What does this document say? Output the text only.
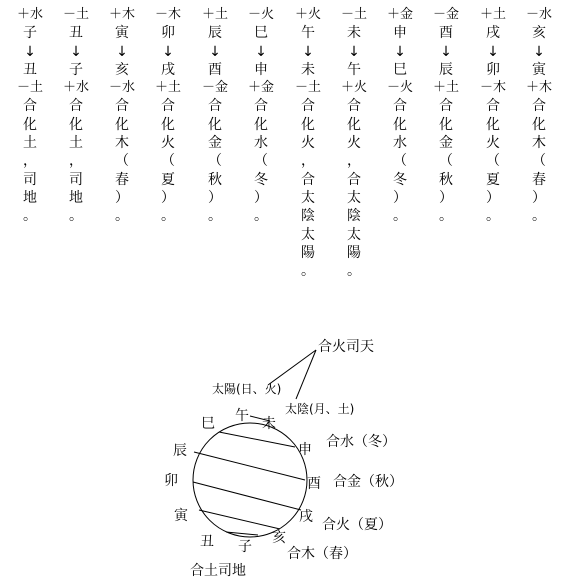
＋水
子
↓
丑
－土
合
化
土
，
司
地
。
－土
丑
↓
子
＋水
合
化
土
，
司
地
。
＋木
寅
↓
亥
－水
合
化
木
（
春
）
。
－木
卯
↓
戌
＋土
合
化
火
（
夏
）
。
＋土
辰
↓
酉
－金
合
化
金
（
秋
）
。
－火
巳
↓
申
＋金
合
化
水
（
冬
）
。
＋火
午
↓
未
－土
合
化
火
，
合
太
陰
太
陽
。
－土
未
↓
午
＋火
合
化
火
，
合
太
陰
太
陽
。
＋金
申
↓
巳
－火
合
化
水
（
冬
）
。
－金
酉
↓
辰
＋土
合
化
金
（
秋
）
。
＋土
戌
↓
卯
－木
合
化
火
（
夏
）
。
－水
亥
↓
寅
＋木
合
化
木
（
春
）
。
合火司天
太陽(日、火)
太陰(月、土)
巳 午 未
申
辰
卯	酉
寅	戌
丑 子
亥
合水（冬）
合金（秋）
合火（夏）
合木（春）
合土司地
